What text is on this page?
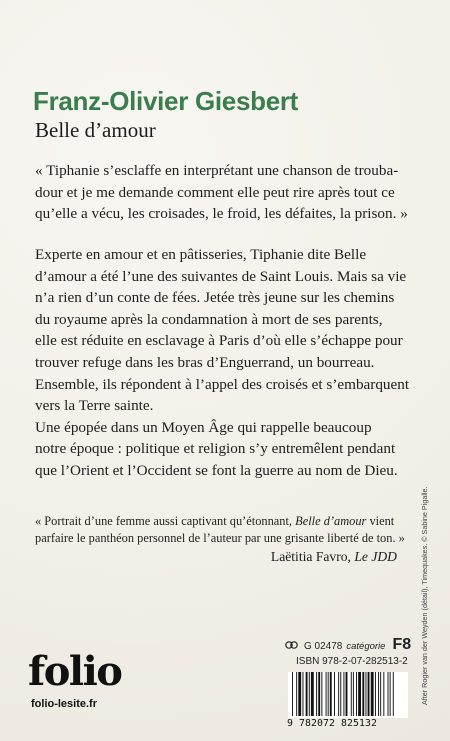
Franz-Olivier Giesbert
Belle d’amour
« Tiphanie s’esclaffe en interprétant une chanson de trouba-
dour et je me demande comment elle peut rire après tout ce
qu’elle a vécu, les croisades, le froid, les défaites, la prison. »
Experte en amour et en pâtisseries, Tiphanie dite Belle
d’amour a été l’une des suivantes de Saint Louis. Mais sa vie
n’a rien d’un conte de fées. Jetée très jeune sur les chemins
du royaume après la condamnation à mort de ses parents,
elle est réduite en esclavage à Paris d’où elle s’échappe pour
trouver refuge dans les bras d’Enguerrand, un bourreau.
Ensemble, ils répondent à l’appel des croisés et s’embarquent
vers la Terre sainte.
Une épopée dans un Moyen Âge qui rappelle beaucoup
notre époque : politique et religion s’y entremêlent pendant
que l’Orient et l’Occident se font la guerre au nom de Dieu.
« Portrait d’une femme aussi captivant qu’étonnant, Belle d’amour vient
parfaire le panthéon personnel de l’auteur par une grisante liberté de ton. »
Laëtitia Favro, Le JDD	After Rogier van der Weyden (détail), Timequakes. © Sabine Pigalle.
folio
folio-lesite.fr
G 02478 catégorie F8
ISBN 978-2-07-282513-2
9 782072 825132
